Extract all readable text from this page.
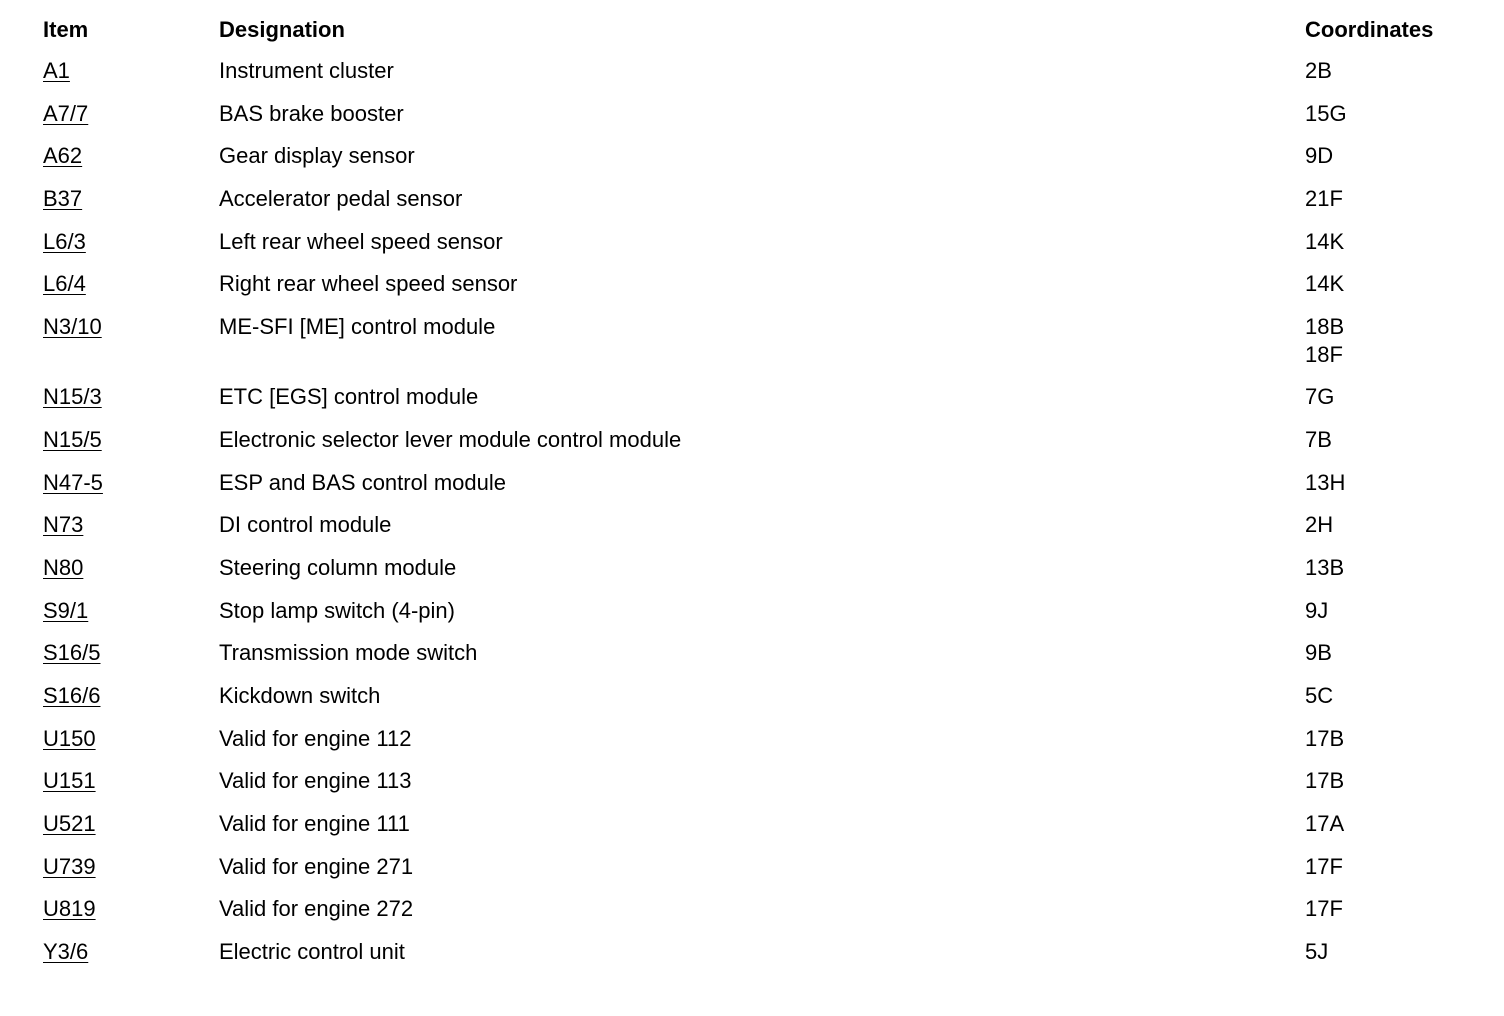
Item	Designation	Coordinates
A1	Instrument cluster	2B
A7/7	BAS brake booster	15G
A62	Gear display sensor	9D
B37	Accelerator pedal sensor	21F
L6/3	Left rear wheel speed sensor	14K
L6/4	Right rear wheel speed sensor	14K
N3/10	ME-SFI [ME] control module	18B
18F
N15/3	ETC [EGS] control module	7G
N15/5	Electronic selector lever module control module	7B
N47-5	ESP and BAS control module	13H
N73	DI control module	2H
N80	Steering column module	13B
S9/1	Stop lamp switch (4-pin)	9J
S16/5	Transmission mode switch	9B
S16/6	Kickdown switch	5C
U150	Valid for engine 112	17B
U151	Valid for engine 113	17B
U521	Valid for engine 111	17A
U739	Valid for engine 271	17F
U819	Valid for engine 272	17F
Y3/6	Electric control unit	5J
